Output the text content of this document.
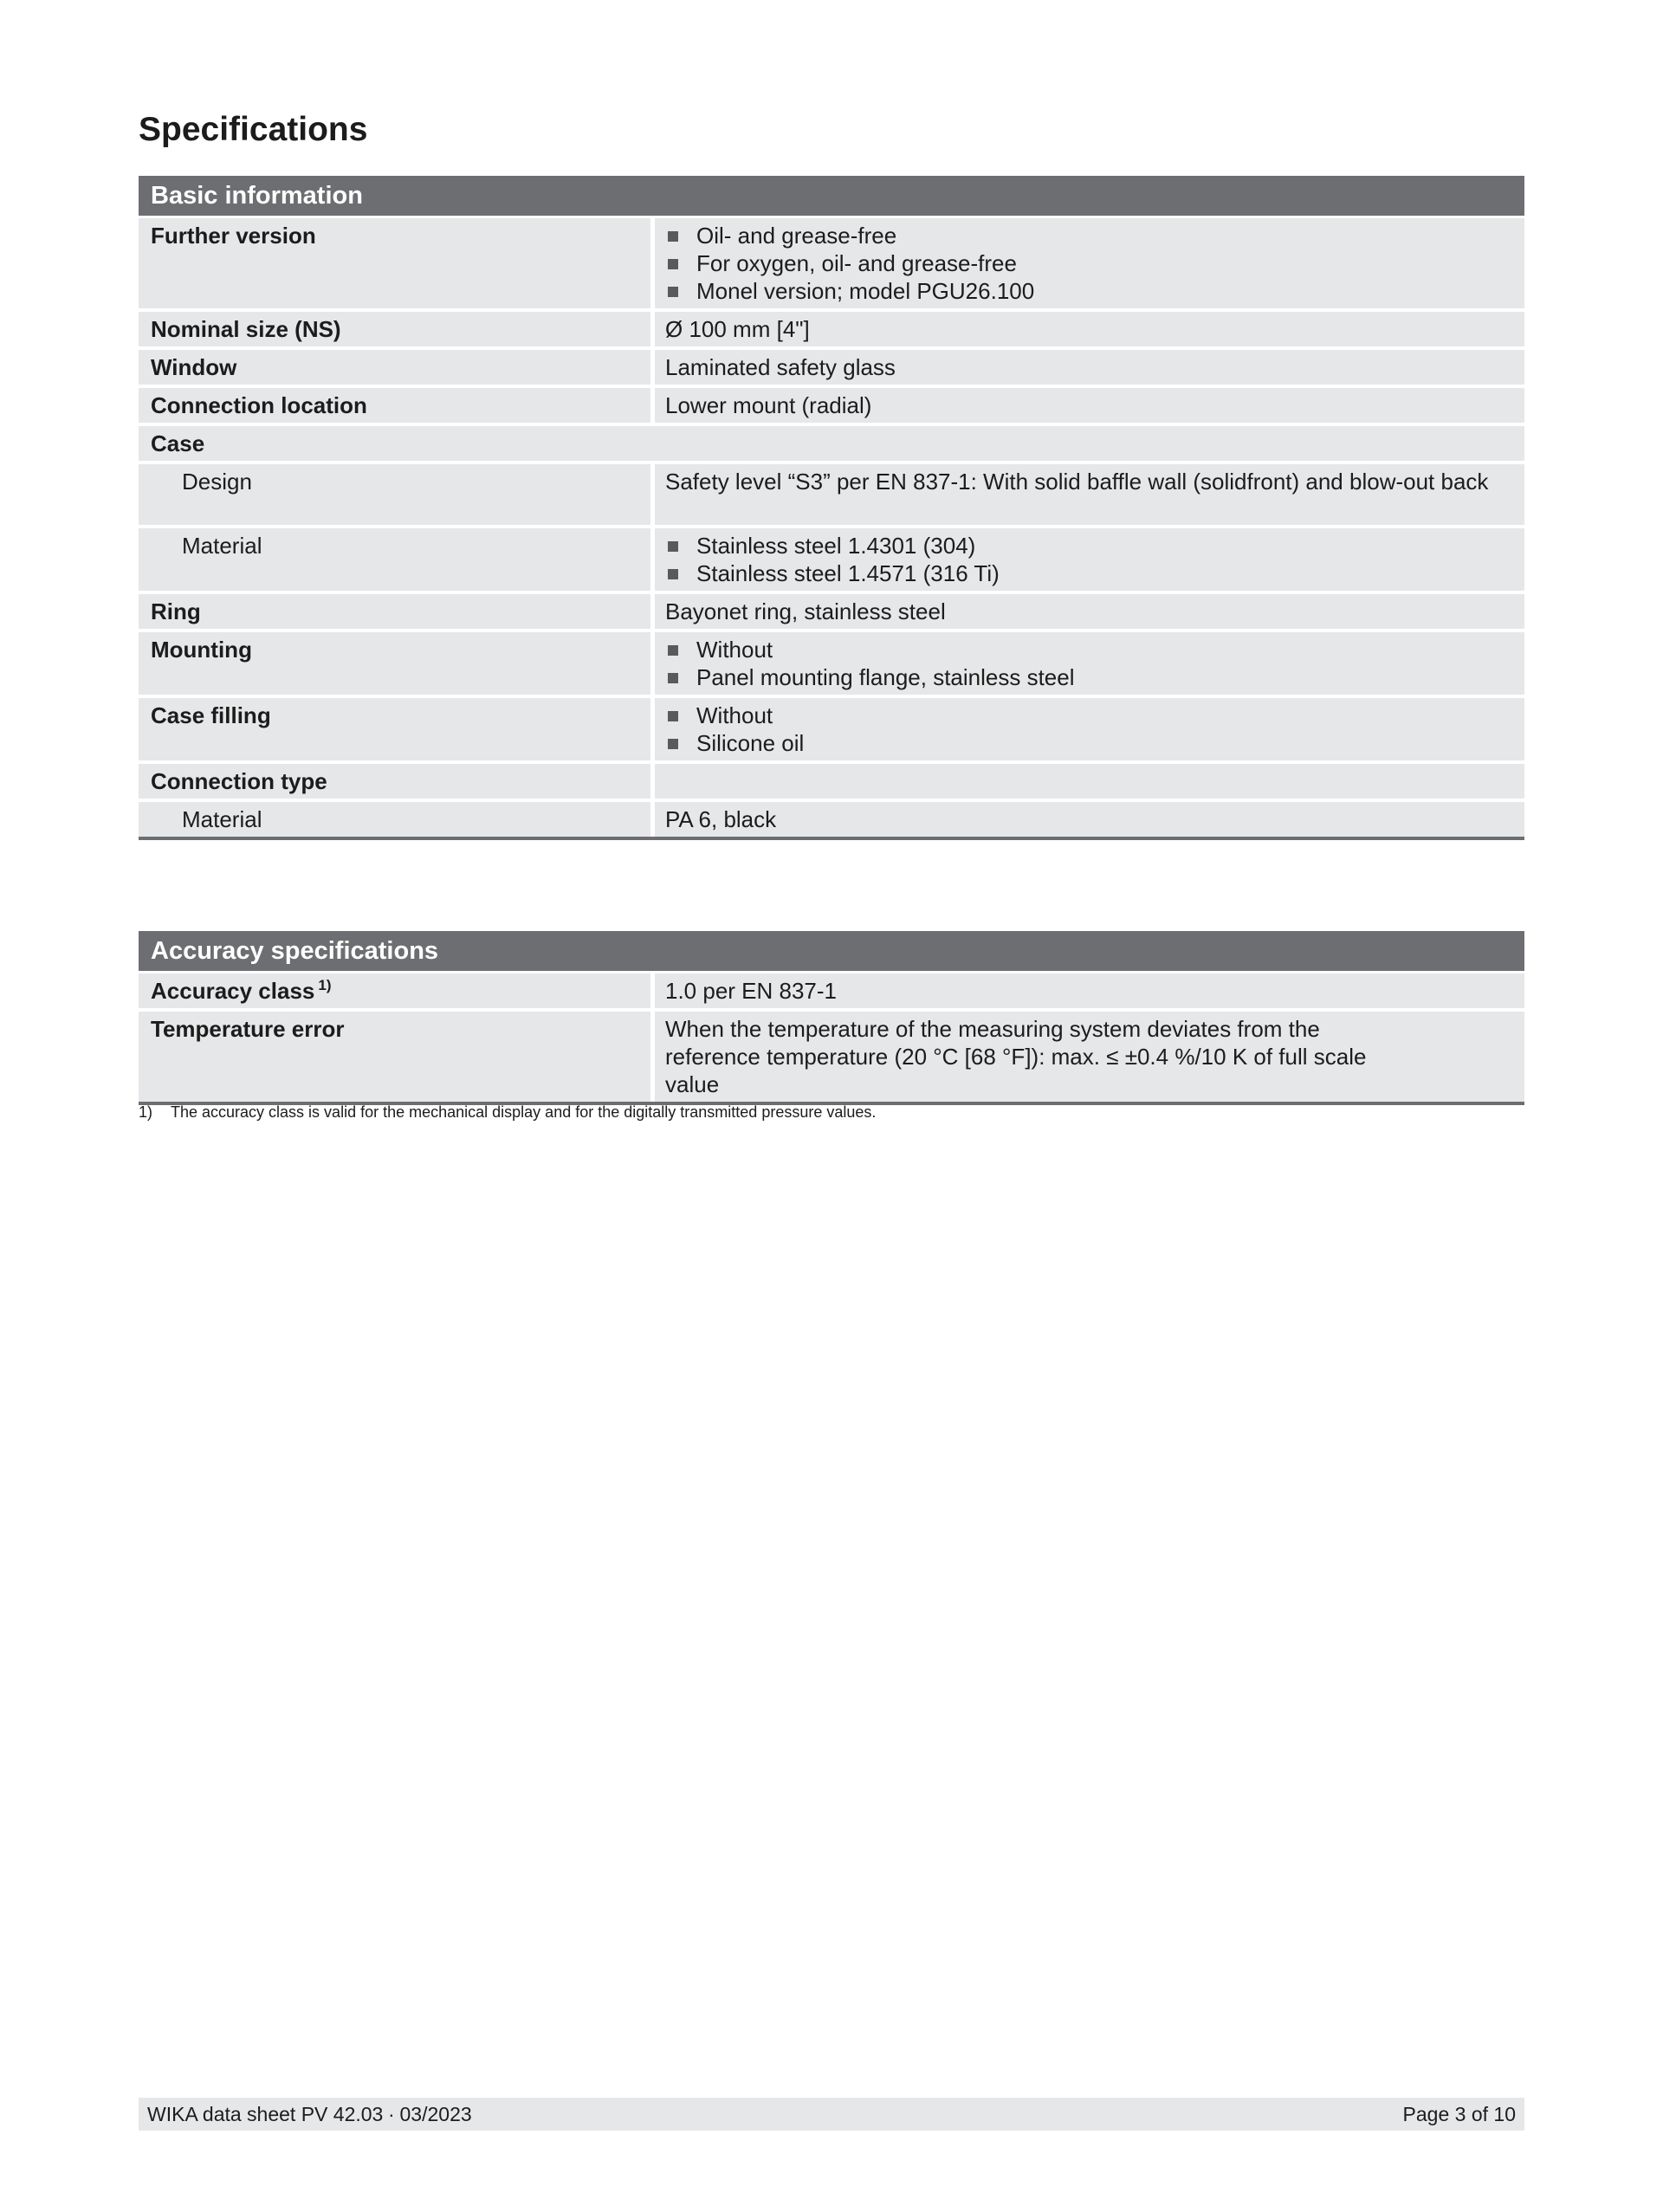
Specifications
Basic information
Further version	Oil- and grease-free
For oxygen, oil- and grease-free
Monel version; model PGU26.100
Nominal size (NS)	Ø 100 mm [4"]
Window	Laminated safety glass
Connection location	Lower mount (radial)
Case
Design	Safety level “S3” per EN 837-1: With solid baffle wall (solidfront) and blow-out back
Material	Stainless steel 1.4301 (304)
Stainless steel 1.4571 (316 Ti)
Ring	Bayonet ring, stainless steel
Mounting	Without
Panel mounting flange, stainless steel
Case filling	Without
Silicone oil
Connection type
Material	PA 6, black
Accuracy specifications
Accuracy class $^{1)}$	1.0 per EN 837-1
Temperature error	When the temperature of the measuring system deviates from the reference temperature (20 °C [68 °F]): max. ≤ ±0.4 %/10 K of full scale value
1) The accuracy class is valid for the mechanical display and for the digitally transmitted pressure values.
WIKA data sheet PV 42.03 ∙ 03/2023	Page 3 of 10
